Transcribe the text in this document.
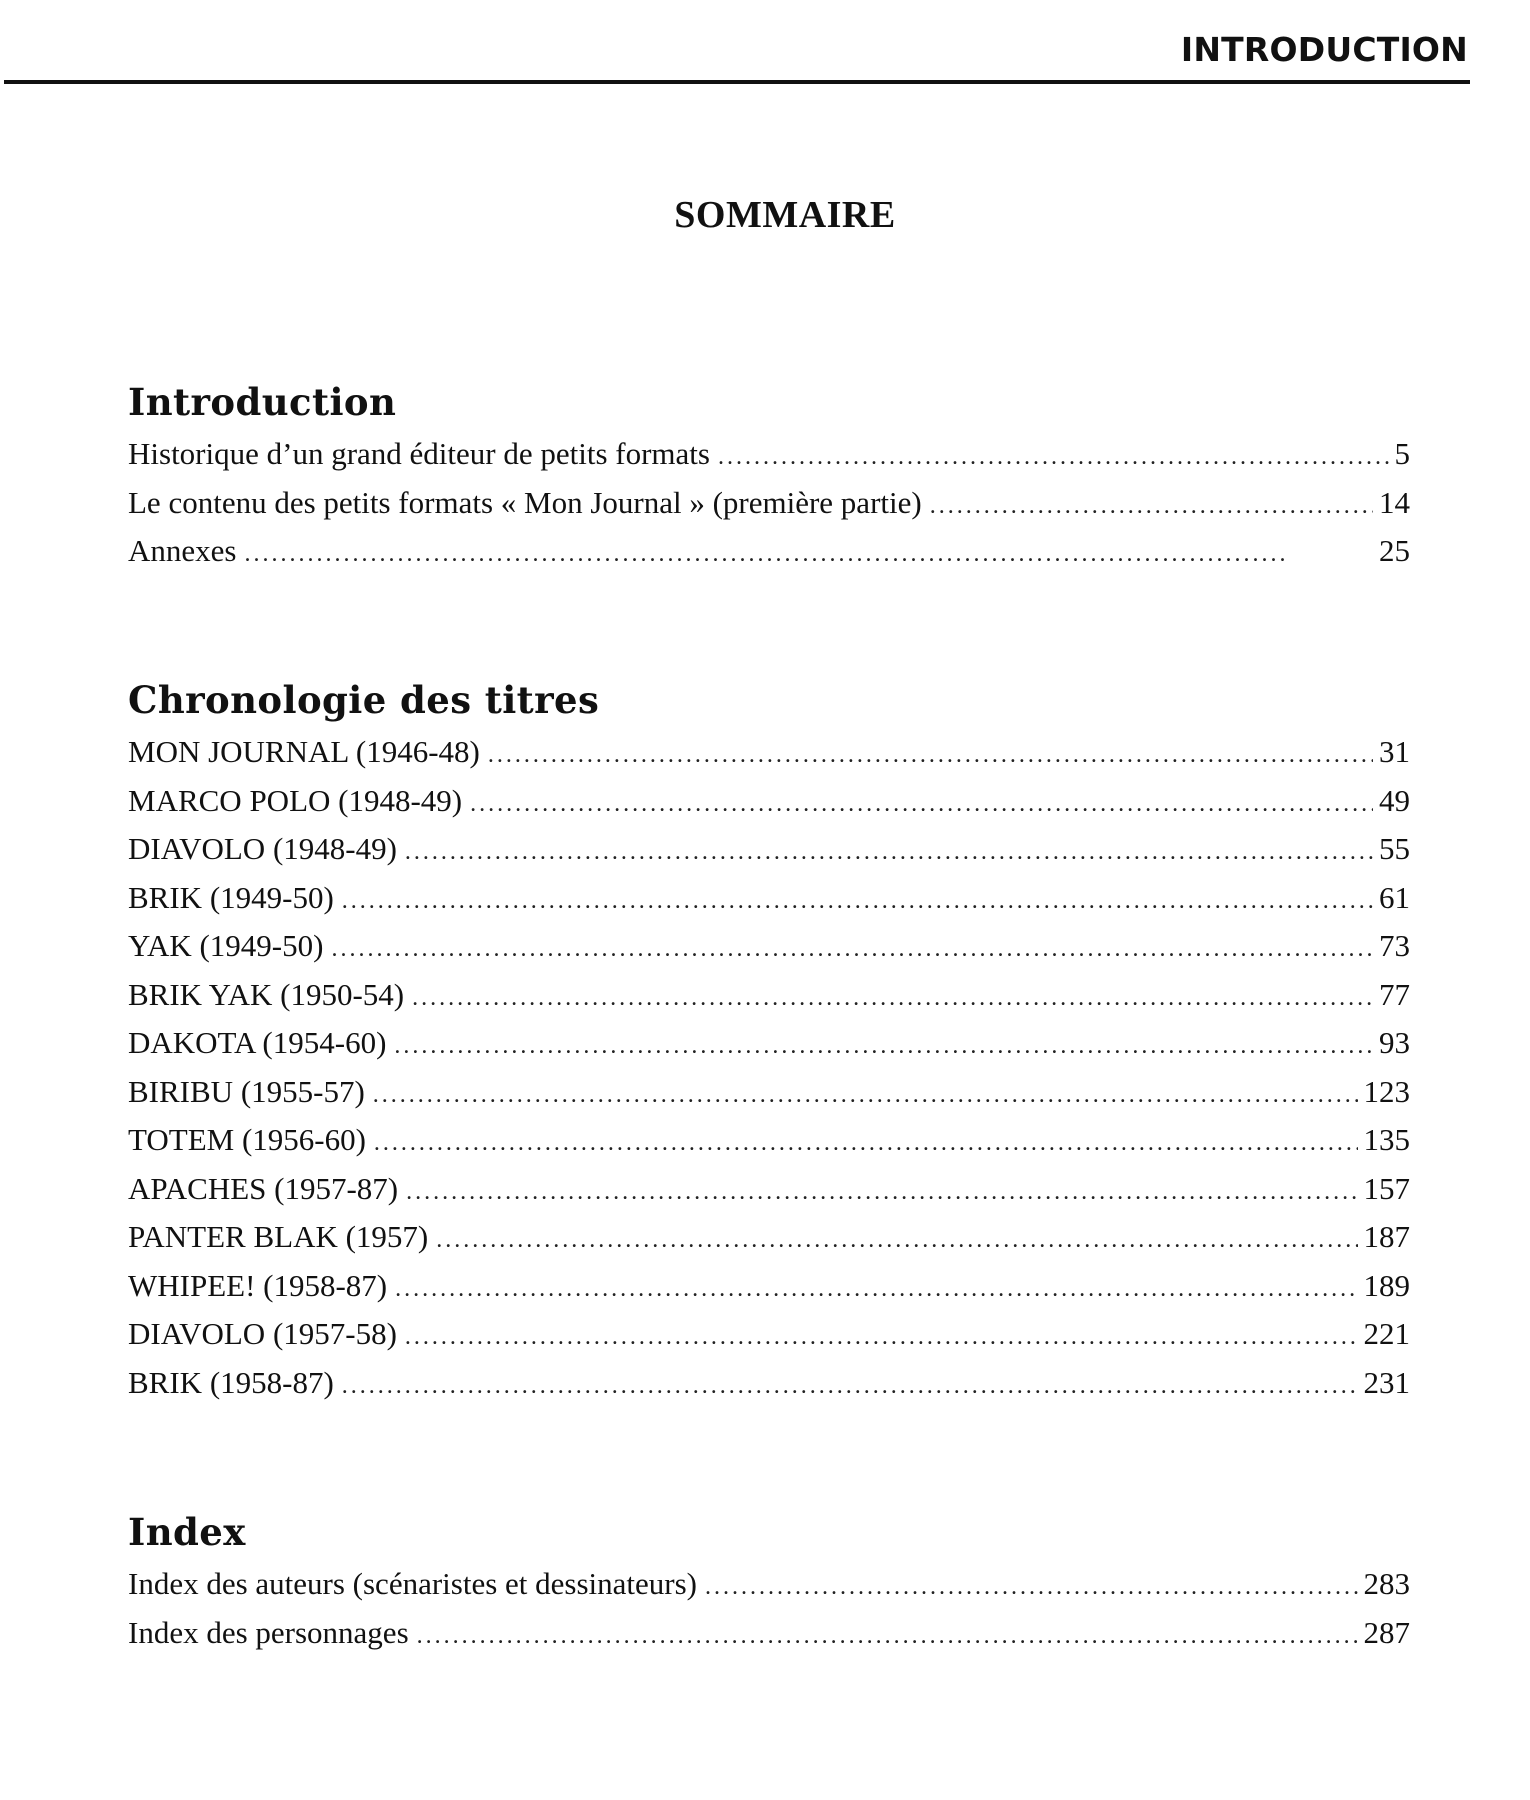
INTRODUCTION
SOMMAIRE
Introduction
Historique d’un grand éditeur de petits formats . . .	5
Le contenu des petits formats « Mon Journal » (première partie) . . .	14
Annexes . . .	25
Chronologie des titres
MON JOURNAL (1946-48) . . .	31
MARCO POLO (1948-49) . . .	49
DIAVOLO (1948-49) . . .	55
BRIK (1949-50) . . .	61
YAK (1949-50) . . .	73
BRIK YAK (1950-54) . . .	77
DAKOTA (1954-60) . . .	93
BIRIBU (1955-57) . . .	123
TOTEM (1956-60) . . .	135
APACHES (1957-87) . . .	157
PANTER BLAK (1957) . . .	187
WHIPEE! (1958-87) . . .	189
DIAVOLO (1957-58) . . .	221
BRIK (1958-87) . . .	231
Index
Index des auteurs (scénaristes et dessinateurs) . . .	283
Index des personnages . . .	287
